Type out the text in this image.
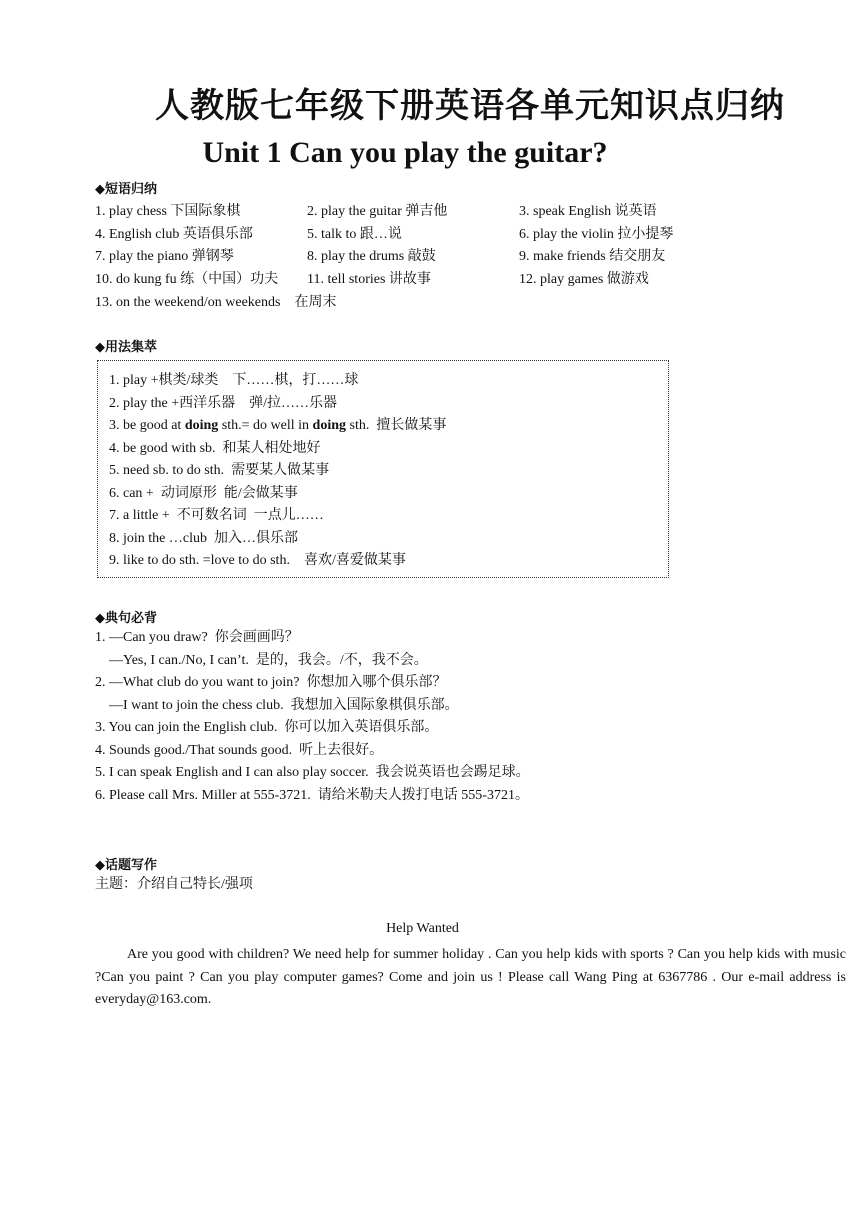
人教版七年级下册英语各单元知识点归纳
Unit 1 Can you play the guitar?
◆短语归纳
1. play chess 下国际象棋	2. play the guitar 弹吉他	3. speak English 说英语
4. English club 英语俱乐部	5. talk to 跟…说	6. play the violin 拉小提琴
7. play the piano 弹钢琴	8. play the drums 敲鼓	9. make friends 结交朋友
10. do kung fu 练（中国）功夫	11. tell stories 讲故事	12. play games 做游戏
13. on the weekend/on weekends    在周末
◆用法集萃
1. play +棋类/球类    下……棋，打……球
2. play the +西洋乐器    弹/拉……乐器
3. be good at doing sth.= do well in doing sth.  擅长做某事
4. be good with sb.  和某人相处地好
5. need sb. to do sth.  需要某人做某事
6. can +  动词原形  能/会做某事
7. a little +  不可数名词  一点儿……
8. join the …club  加入…俱乐部
9. like to do sth. =love to do sth.    喜欢/喜爱做某事
◆典句必背
1. —Can you draw?  你会画画吗？
—Yes, I can./No, I can’t.  是的，我会。/不，我不会。
2. —What club do you want to join?  你想加入哪个俱乐部？
—I want to join the chess club.  我想加入国际象棋俱乐部。
3. You can join the English club.  你可以加入英语俱乐部。
4. Sounds good./That sounds good.  听上去很好。
5. I can speak English and I can also play soccer.  我会说英语也会踢足球。
6. Please call Mrs. Miller at 555-3721.  请给米勒夫人拨打电话 555-3721。
◆话题写作
主题：介绍自己特长/强项
Help Wanted
Are you good with children? We need help for summer holiday . Can you help kids with sports ? Can you help kids with music ?Can you paint ? Can you play computer games? Come and join us ! Please call Wang Ping at 6367786 . Our e-mail address is everyday@163.com.
